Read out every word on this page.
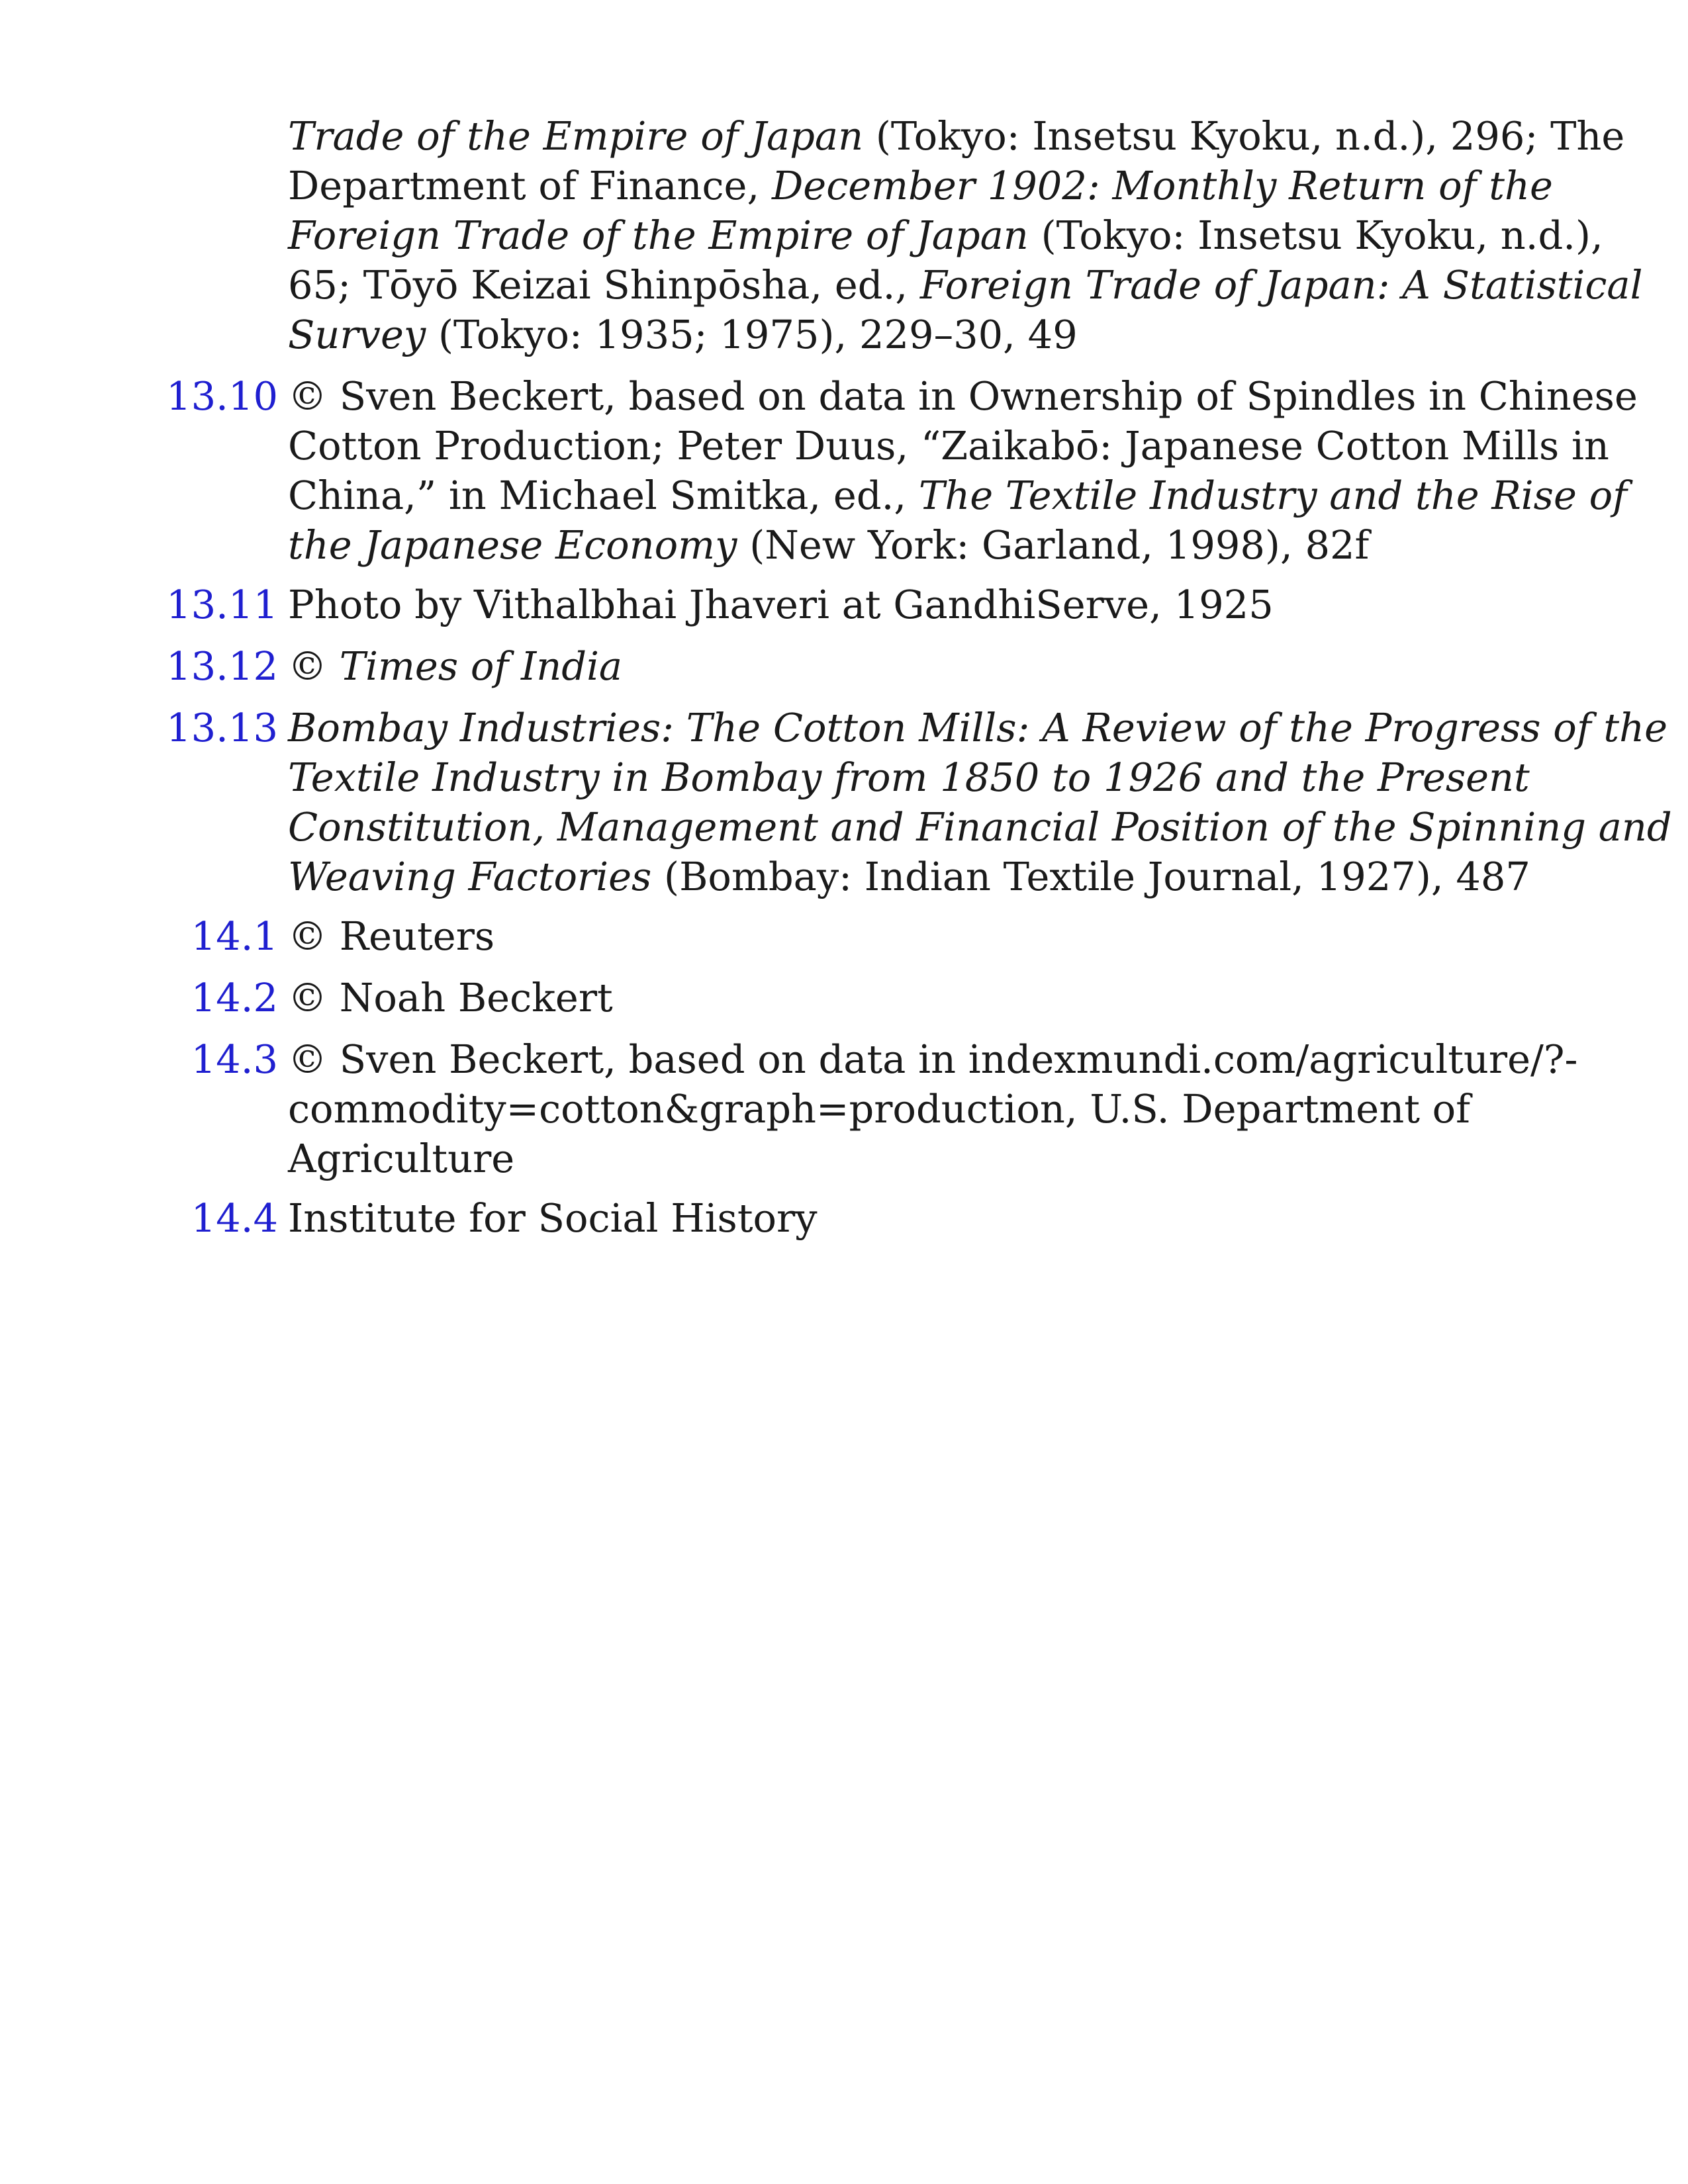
Trade of the Empire of Japan (Tokyo: Insetsu Kyoku, n.d.), 296; The
Department of Finance, December 1902: Monthly Return of the
Foreign Trade of the Empire of Japan (Tokyo: Insetsu Kyoku, n.d.),
65; Tōyō Keizai Shinpōsha, ed., Foreign Trade of Japan: A Statistical
Survey (Tokyo: 1935; 1975), 229–30, 49
13.10 © Sven Beckert, based on data in Ownership of Spindles in Chinese
Cotton Production; Peter Duus, “Zaikabō: Japanese Cotton Mills in
China,” in Michael Smitka, ed., The Textile Industry and the Rise of
the Japanese Economy (New York: Garland, 1998), 82f
13.11 Photo by Vithalbhai Jhaveri at GandhiServe, 1925
13.12 © Times of India
13.13 Bombay Industries: The Cotton Mills: A Review of the Progress of the
Textile Industry in Bombay from 1850 to 1926 and the Present
Constitution, Management and Financial Position of the Spinning and
Weaving Factories (Bombay: Indian Textile Journal, 1927), 487
14.1 © Reuters
14.2 © Noah Beckert
14.3 © Sven Beckert, based on data in indexmundi.com/agriculture/?-
commodity=cotton&graph=production, U.S. Department of
Agriculture
14.4 Institute for Social History
